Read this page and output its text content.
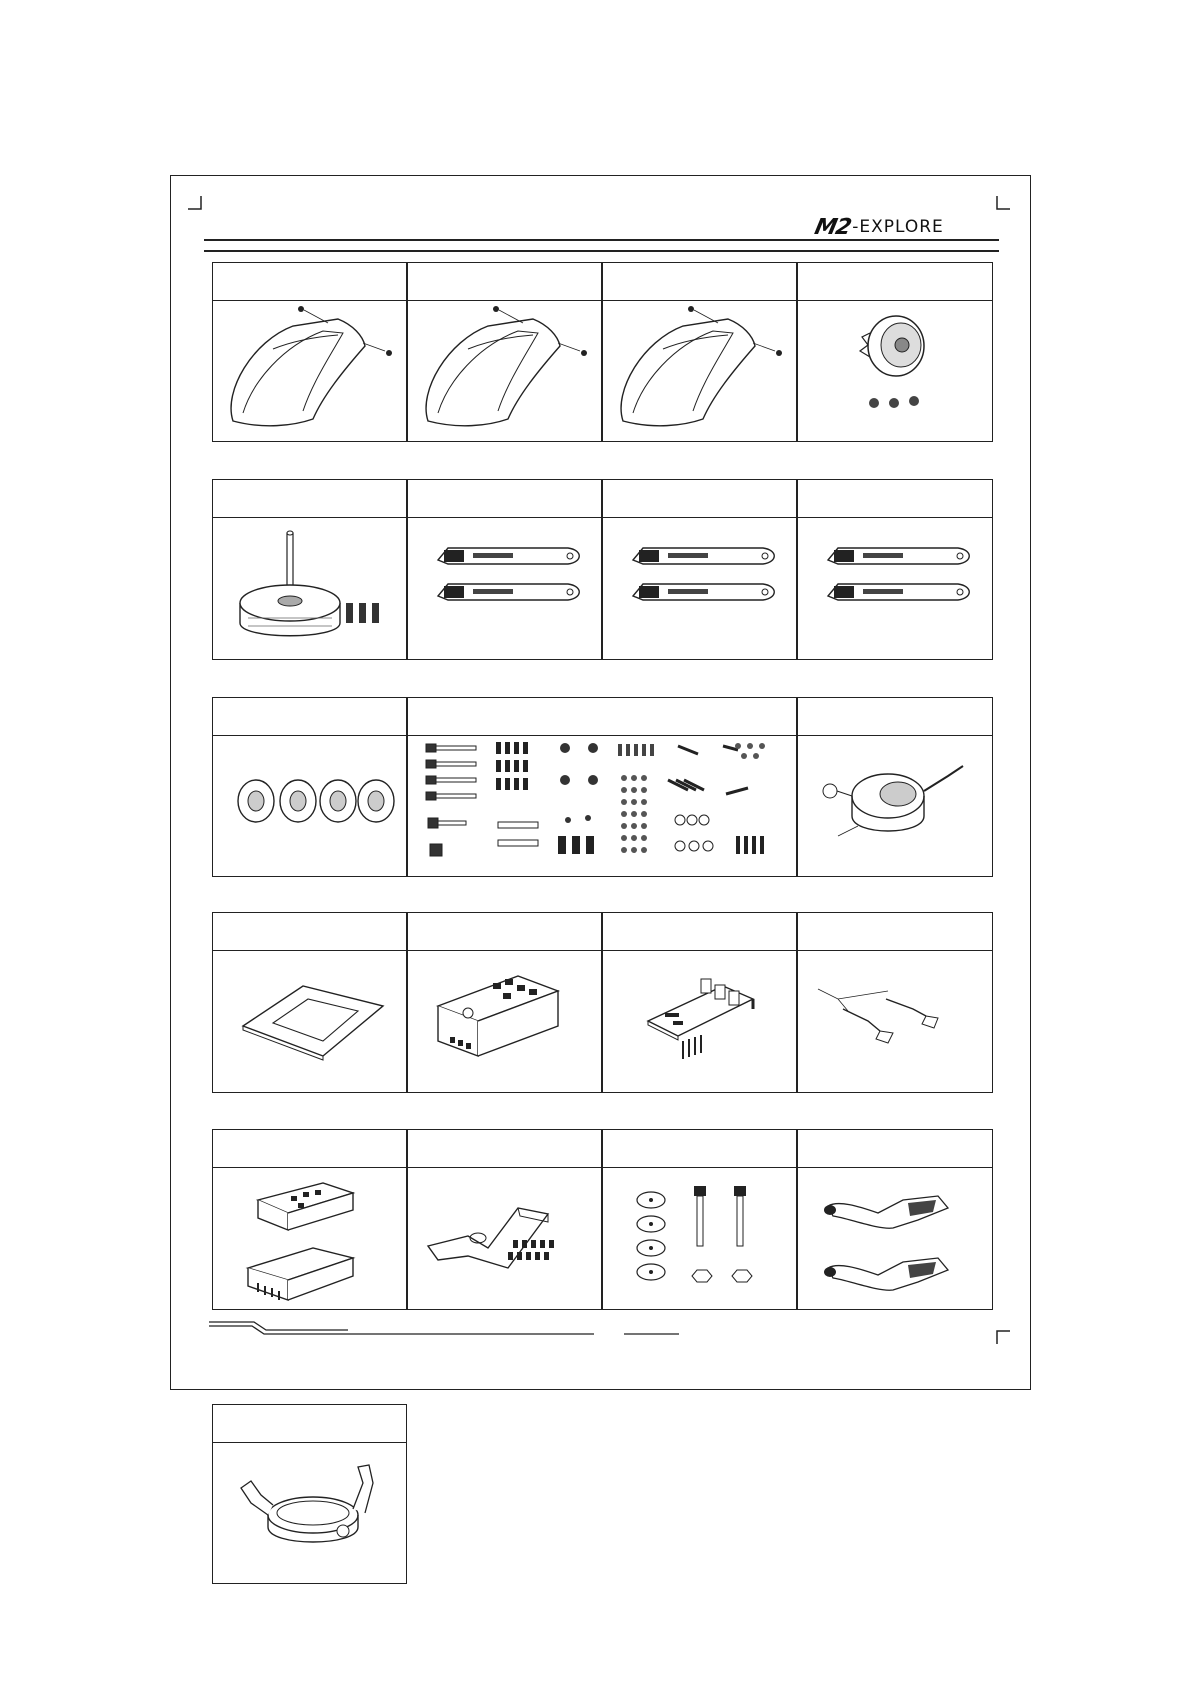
M2 -EXPLORE
